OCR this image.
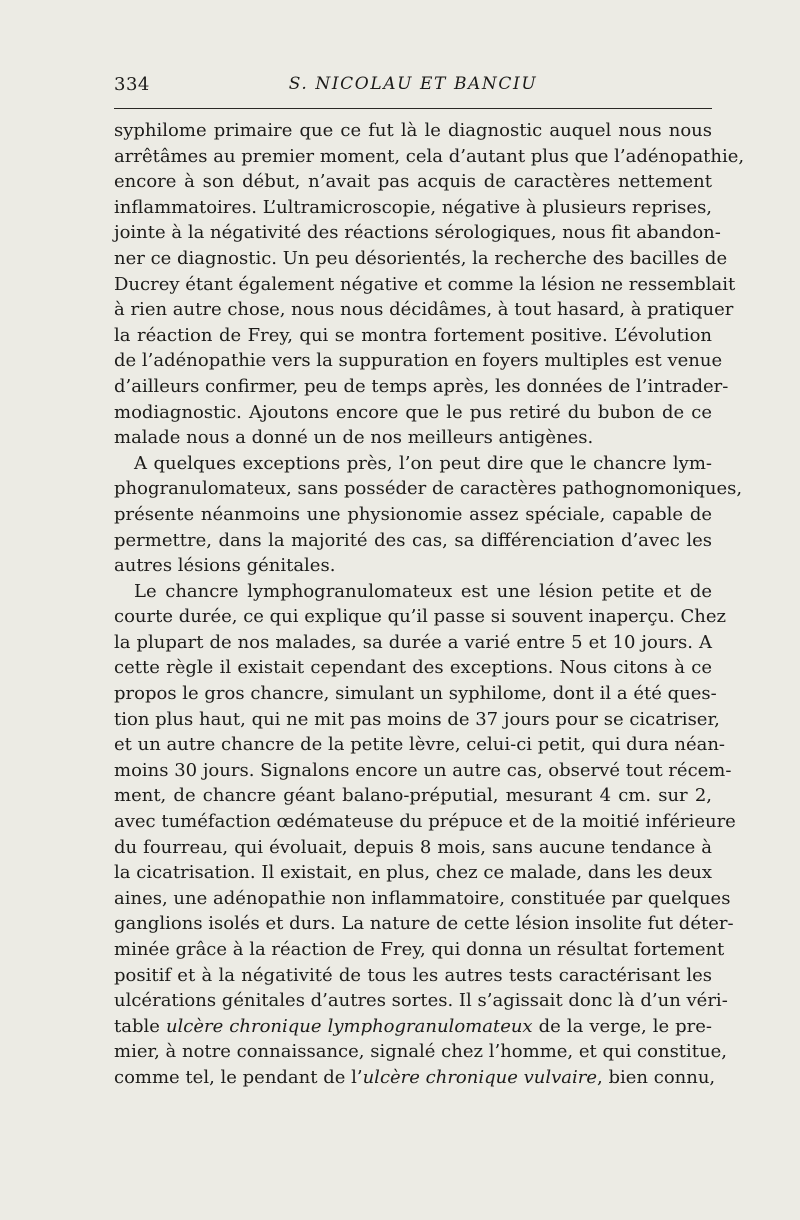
334	S. NICOLAU ET BANCIU
syphilome primaire que ce fut là le diagnostic auquel nous nous
arrêtâmes au premier moment, cela d’autant plus que l’adénopathie,
encore à son début, n’avait pas acquis de caractères nettement
inflammatoires. L’ultramicroscopie, négative à plusieurs reprises,
jointe à la négativité des réactions sérologiques, nous fit abandon-
ner ce diagnostic. Un peu désorientés, la recherche des bacilles de
Ducrey étant également négative et comme la lésion ne ressemblait
à rien autre chose, nous nous décidâmes, à tout hasard, à pratiquer
la réaction de Frey, qui se montra fortement positive. L’évolution
de l’adénopathie vers la suppuration en foyers multiples est venue
d’ailleurs confirmer, peu de temps après, les données de l’intrader-
modiagnostic. Ajoutons encore que le pus retiré du bubon de ce
malade nous a donné un de nos meilleurs antigènes.
A quelques exceptions près, l’on peut dire que le chancre lym-
phogranulomateux, sans posséder de caractères pathognomoniques,
présente néanmoins une physionomie assez spéciale, capable de
permettre, dans la majorité des cas, sa différenciation d’avec les
autres lésions génitales.
Le chancre lymphogranulomateux est une lésion petite et de
courte durée, ce qui explique qu’il passe si souvent inaperçu. Chez
la plupart de nos malades, sa durée a varié entre 5 et 10 jours. A
cette règle il existait cependant des exceptions. Nous citons à ce
propos le gros chancre, simulant un syphilome, dont il a été ques-
tion plus haut, qui ne mit pas moins de 37 jours pour se cicatriser,
et un autre chancre de la petite lèvre, celui-ci petit, qui dura néan-
moins 30 jours. Signalons encore un autre cas, observé tout récem-
ment, de chancre géant balano-préputial, mesurant 4 cm. sur 2,
avec tuméfaction œdémateuse du prépuce et de la moitié inférieure
du fourreau, qui évoluait, depuis 8 mois, sans aucune tendance à
la cicatrisation. Il existait, en plus, chez ce malade, dans les deux
aines, une adénopathie non inflammatoire, constituée par quelques
ganglions isolés et durs. La nature de cette lésion insolite fut déter-
minée grâce à la réaction de Frey, qui donna un résultat fortement
positif et à la négativité de tous les autres tests caractérisant les
ulcérations génitales d’autres sortes. Il s’agissait donc là d’un véri-
table ulcère chronique lymphogranulomateux de la verge, le pre-
mier, à notre connaissance, signalé chez l’homme, et qui constitue,
comme tel, le pendant de l’ulcère chronique vulvaire, bien connu,
